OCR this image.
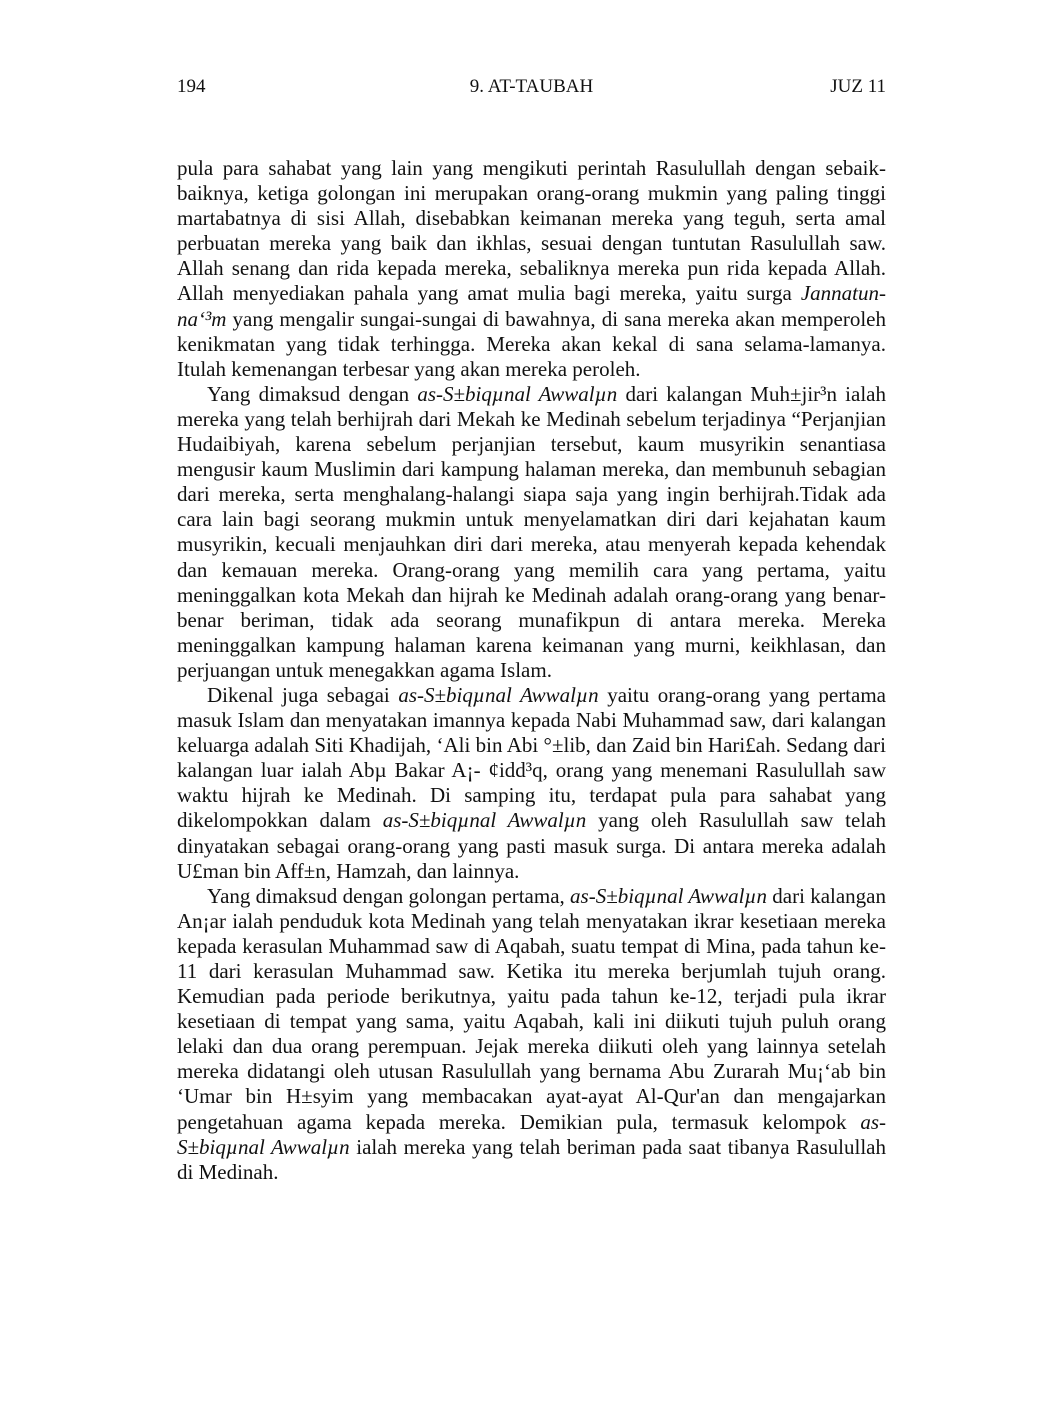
194	9. AT-TAUBAH	JUZ 11

pula para sahabat yang lain yang mengikuti perintah Rasulullah dengan sebaik-baiknya, ketiga golongan ini merupakan orang-orang mukmin yang paling tinggi martabatnya di sisi Allah, disebabkan keimanan mereka yang teguh, serta amal perbuatan mereka yang baik dan ikhlas, sesuai dengan tuntutan Rasulullah saw. Allah senang dan rida kepada mereka, sebaliknya mereka pun rida kepada Allah. Allah menyediakan pahala yang amat mulia bagi mereka, yaitu surga Jannatun-na‘³m yang mengalir sungai-sungai di bawahnya, di sana mereka akan memperoleh kenikmatan yang tidak terhingga. Mereka akan kekal di sana selama-lamanya. Itulah kemenangan terbesar yang akan mereka peroleh.

Yang dimaksud dengan as-S±biqµnal Awwalµn dari kalangan Muh±jir³n ialah mereka yang telah berhijrah dari Mekah ke Medinah sebelum terjadinya “Perjanjian Hudaibiyah, karena sebelum perjanjian tersebut, kaum musyrikin senantiasa mengusir kaum Muslimin dari kampung halaman mereka, dan membunuh sebagian dari mereka, serta menghalang-halangi siapa saja yang ingin berhijrah.Tidak ada cara lain bagi seorang mukmin untuk menyelamatkan diri dari kejahatan kaum musyrikin, kecuali menjauhkan diri dari mereka, atau menyerah kepada kehendak dan kemauan mereka. Orang-orang yang memilih cara yang pertama, yaitu meninggalkan kota Mekah dan hijrah ke Medinah adalah orang-orang yang benar-benar beriman, tidak ada seorang munafikpun di antara mereka. Mereka meninggalkan kampung halaman karena keimanan yang murni, keikhlasan, dan perjuangan untuk menegakkan agama Islam.

Dikenal juga sebagai as-S±biqµnal Awwalµn yaitu orang-orang yang pertama masuk Islam dan menyatakan imannya kepada Nabi Muhammad saw, dari kalangan keluarga adalah Siti Khadijah, ‘Ali bin Abi °±lib, dan Zaid bin Hari£ah. Sedang dari kalangan luar ialah Abµ Bakar A¡- ¢idd³q, orang yang menemani Rasulullah saw waktu hijrah ke Medinah. Di samping itu, terdapat pula para sahabat yang dikelompokkan dalam as-S±biqµnal Awwalµn yang oleh Rasulullah saw telah dinyatakan sebagai orang-orang yang pasti masuk surga. Di antara mereka adalah U£man bin Aff±n, Hamzah, dan lainnya.

Yang dimaksud dengan golongan pertama, as-S±biqµnal Awwalµn dari kalangan An¡ar ialah penduduk kota Medinah yang telah menyatakan ikrar kesetiaan mereka kepada kerasulan Muhammad saw di Aqabah, suatu tempat di Mina, pada tahun ke-11 dari kerasulan Muhammad saw. Ketika itu mereka berjumlah tujuh orang. Kemudian pada periode berikutnya, yaitu pada tahun ke-12, terjadi pula ikrar kesetiaan di tempat yang sama, yaitu Aqabah, kali ini diikuti tujuh puluh orang lelaki dan dua orang perempuan. Jejak mereka diikuti oleh yang lainnya setelah mereka didatangi oleh utusan Rasulullah yang bernama Abu Zurarah Mu¡‘ab bin ‘Umar bin H±syim yang membacakan ayat-ayat Al-Qur'an dan mengajarkan pengetahuan agama kepada mereka. Demikian pula, termasuk kelompok as-S±biqµnal Awwalµn ialah mereka yang telah beriman pada saat tibanya Rasulullah di Medinah.
